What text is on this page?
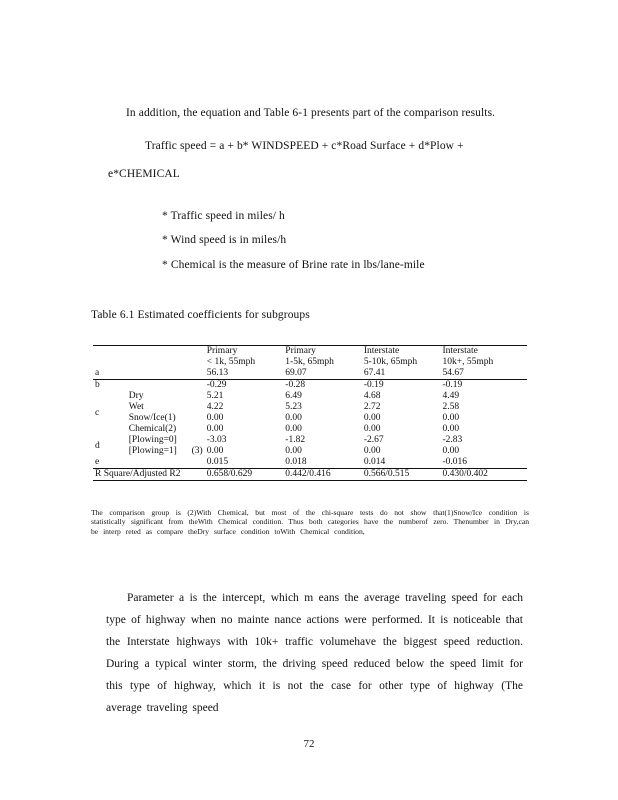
In addition, the equation and Table 6-1 presents part of the comparison results.
Traffic speed = a + b* WINDSPEED + c*Road Surface + d*Plow +
e*CHEMICAL
* Traffic speed in miles/ h
* Wind speed is in miles/h
* Chemical is the measure of Brine rate in lbs/lane-mile
Table 6.1 Estimated coefficients for subgroups
			Primary	Primary	Interstate	Interstate
			< 1k, 55mph	1-5k, 65mph	5-10k, 65mph	10k+, 55mph
a			56.13	69.07	67.41	54.67
b			-0.29	-0.28	-0.19	-0.19
c	Dry		5.21	6.49	4.68	4.49
	Wet		4.22	5.23	2.72	2.58
	Snow/Ice(1)		0.00	0.00	0.00	0.00
	Chemical(2)		0.00	0.00	0.00	0.00
d	[Plowing=0]		-3.03	-1.82	-2.67	-2.83
	[Plowing=1]	(3)	0.00	0.00	0.00	0.00
e			0.015	0.018	0.014	-0.016
R Square/Adjusted R2			0.658/0.629	0.442/0.416	0.566/0.515	0.430/0.402
The comparison group is (2)With Chemical, but most of the chi-square tests do not show that(1)Snow/Ice condition is statistically significant from theWith Chemical condition. Thus both categories have the numberof zero. Thenumber in Dry,can be interp reted as compare theDry surface condition toWith Chemical condition,
Parameter a is the intercept, which m eans the average traveling speed for each type of highway when no mainte nance actions were performed. It is noticeable that the Interstate highways with 10k+ traffic volumehave the biggest speed reduction. During a typical winter storm, the driving speed reduced below the speed limit for this type of highway, which it is not the case for other type of highway (The average traveling speed
72
